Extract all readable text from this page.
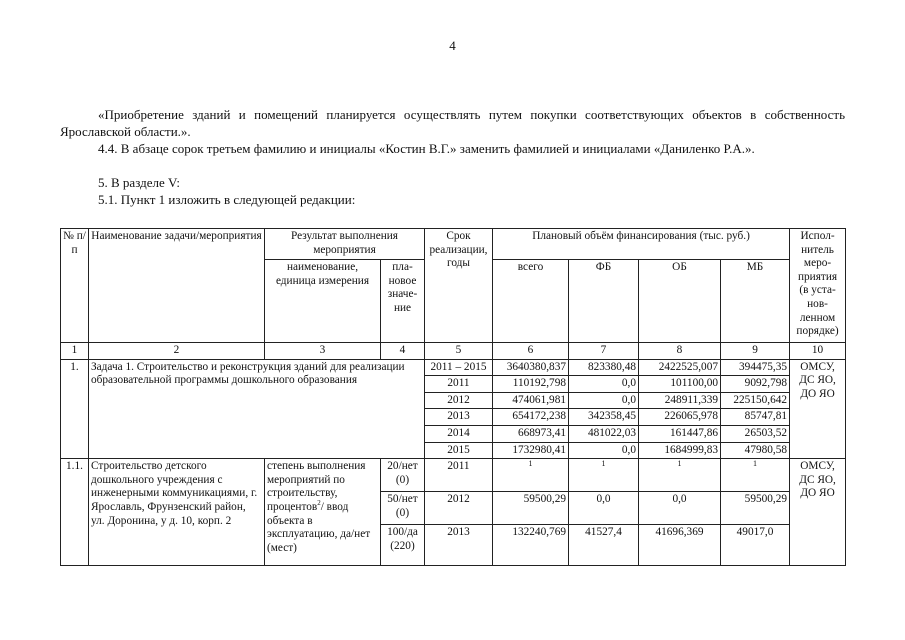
4

«Приобретение зданий и помещений планируется осуществлять путем покупки соответствующих объектов в собственность Ярославской области.».

4.4. В абзаце сорок третьем фамилию и инициалы «Костин В.Г.» заменить фамилией и инициалами «Даниленко Р.А.».

5. В разделе V:

5.1. Пункт 1 изложить в следующей редакции:

№ п/п	Наименование задачи/мероприятия	Результат выполнения мероприятия		Срок реализации, годы	Плановый объём финансирования (тыс. руб.)				Испол-нитель меро-приятия (в уста-нов-ленном порядке)
		наименование, единица измерения	пла-новое значе-ние		всего	ФБ	ОБ	МБ	
1	2	3	4	5	6	7	8	9	10
1.	Задача 1. Строительство и реконструкция зданий для реализации образовательной программы дошкольного образования			2011 – 2015	3640380,837	823380,48	2422525,007	394475,35	ОМСУ, ДС ЯО, ДО ЯО
				2011	110192,798	0,0	101100,00	9092,798	
				2012	474061,981	0,0	248911,339	225150,642	
				2013	654172,238	342358,45	226065,978	85747,81	
				2014	668973,41	481022,03	161447,86	26503,52	
				2015	1732980,41	0,0	1684999,83	47980,58	
1.1.	Строительство детского дошкольного учреждения с инженерными коммуникациями, г. Ярославль, Фрунзенский район, ул. Доронина, у д. 10, корп. 2	степень выполнения мероприятий по строительству, процентов$^2$/ ввод объекта в эксплуатацию, да/нет (мест)	20/нет (0)	2011	1	1	1	1	ОМСУ, ДС ЯО, ДО ЯО
			50/нет (0)	2012	59500,29	0,0	0,0	59500,29	
			100/да (220)	2013	132240,769	41527,4	41696,369	49017,0	
